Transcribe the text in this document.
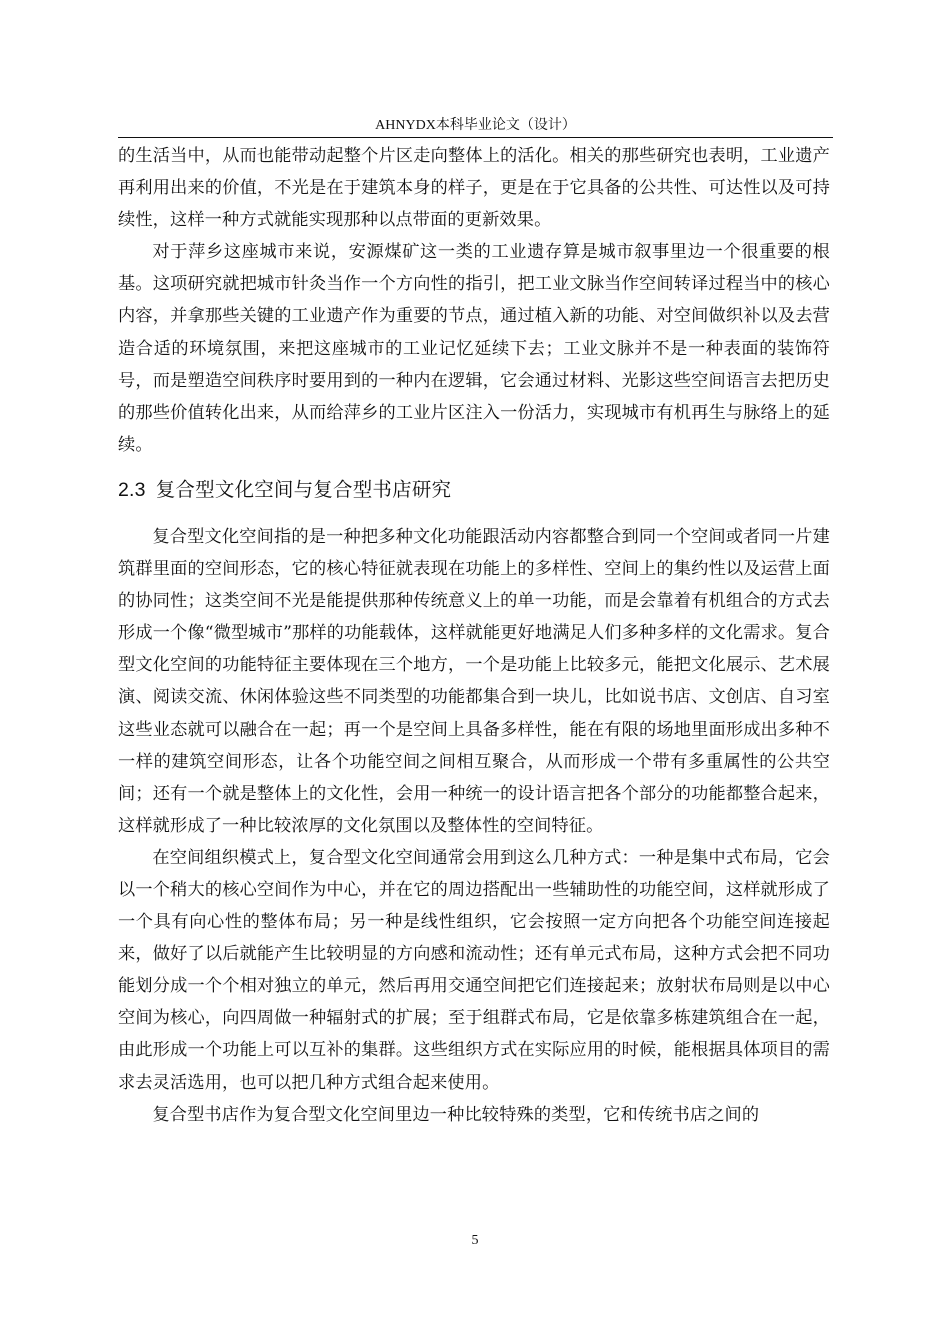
AHNYDX本科毕业论文（设计）

的生活当中，从而也能带动起整个片区走向整体上的活化。相关的那些研究也表明，工业遗产再利用出来的价值，不光是在于建筑本身的样子，更是在于它具备的公共性、可达性以及可持续性，这样一种方式就能实现那种以点带面的更新效果。

对于萍乡这座城市来说，安源煤矿这一类的工业遗存算是城市叙事里边一个很重要的根基。这项研究就把城市针灸当作一个方向性的指引，把工业文脉当作空间转译过程当中的核心内容，并拿那些关键的工业遗产作为重要的节点，通过植入新的功能、对空间做织补以及去营造合适的环境氛围，来把这座城市的工业记忆延续下去；工业文脉并不是一种表面的装饰符号，而是塑造空间秩序时要用到的一种内在逻辑，它会通过材料、光影这些空间语言去把历史的那些价值转化出来，从而给萍乡的工业片区注入一份活力，实现城市有机再生与脉络上的延续。

2.3 复合型文化空间与复合型书店研究

复合型文化空间指的是一种把多种文化功能跟活动内容都整合到同一个空间或者同一片建筑群里面的空间形态，它的核心特征就表现在功能上的多样性、空间上的集约性以及运营上面的协同性；这类空间不光是能提供那种传统意义上的单一功能，而是会靠着有机组合的方式去形成一个像“微型城市”那样的功能载体，这样就能更好地满足人们多种多样的文化需求。复合型文化空间的功能特征主要体现在三个地方，一个是功能上比较多元，能把文化展示、艺术展演、阅读交流、休闲体验这些不同类型的功能都集合到一块儿，比如说书店、文创店、自习室这些业态就可以融合在一起；再一个是空间上具备多样性，能在有限的场地里面形成出多种不一样的建筑空间形态，让各个功能空间之间相互聚合，从而形成一个带有多重属性的公共空间；还有一个就是整体上的文化性，会用一种统一的设计语言把各个部分的功能都整合起来，这样就形成了一种比较浓厚的文化氛围以及整体性的空间特征。

在空间组织模式上，复合型文化空间通常会用到这么几种方式：一种是集中式布局，它会以一个稍大的核心空间作为中心，并在它的周边搭配出一些辅助性的功能空间，这样就形成了一个具有向心性的整体布局；另一种是线性组织，它会按照一定方向把各个功能空间连接起来，做好了以后就能产生比较明显的方向感和流动性；还有单元式布局，这种方式会把不同功能划分成一个个相对独立的单元，然后再用交通空间把它们连接起来；放射状布局则是以中心空间为核心，向四周做一种辐射式的扩展；至于组群式布局，它是依靠多栋建筑组合在一起，由此形成一个功能上可以互补的集群。这些组织方式在实际应用的时候，能根据具体项目的需求去灵活选用，也可以把几种方式组合起来使用。

复合型书店作为复合型文化空间里边一种比较特殊的类型，它和传统书店之间的

5
